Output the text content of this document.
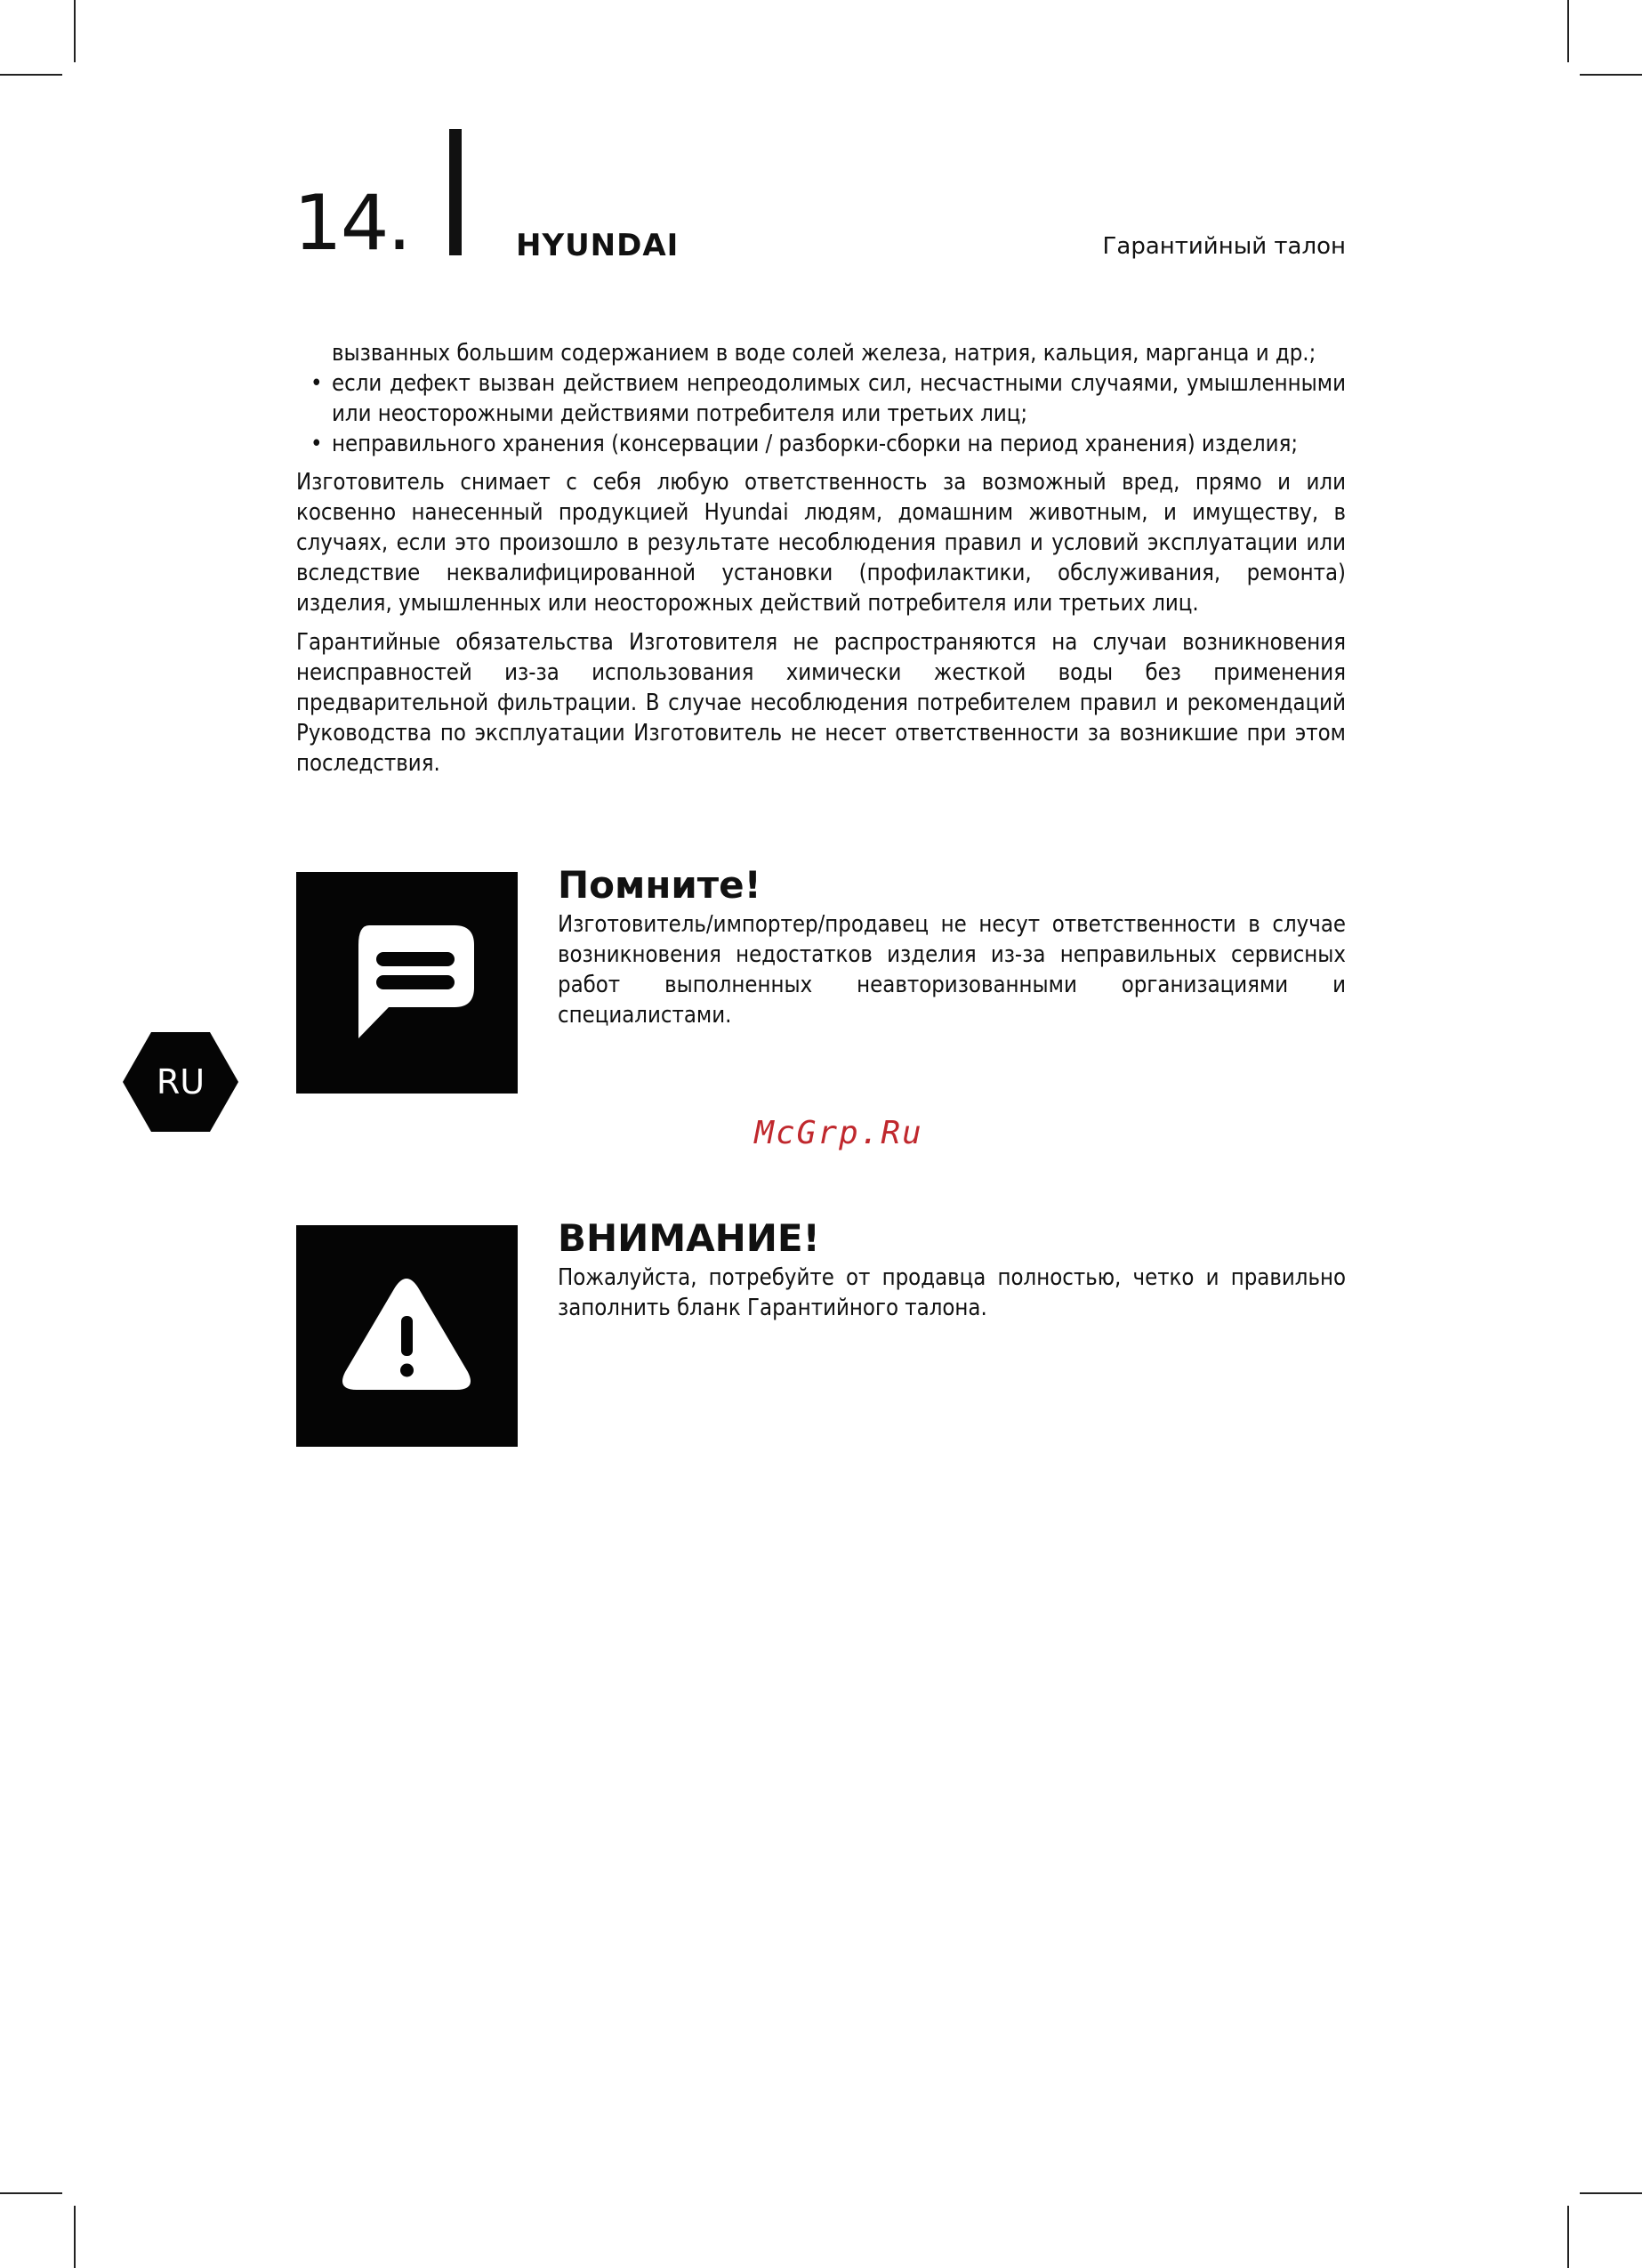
14.	HYUNDAI	Гарантийный талон
вызванных большим содержанием в воде солей железа, натрия, кальция, марганца и др.;
• если дефект вызван действием непреодолимых сил, несчастными случаями, умышленными или неосторожными действиями потребителя или третьих лиц;
• неправильного хранения (консервации / разборки-сборки на период хранения) изделия;
Изготовитель снимает с себя любую ответственность за возможный вред, прямо и или косвенно нанесенный продукцией Hyundai людям, домашним животным, и имуществу, в случаях, если это произошло в результате несоблюдения правил и условий эксплуатации или вследствие неквалифицированной установки (профилактики, обслуживания, ремонта) изделия, умышленных или неосторожных действий потребителя или третьих лиц.
Гарантийные обязательства Изготовителя не распространяются на случаи возникновения неисправностей из-за использования химически жесткой воды без применения предварительной фильтрации. В случае несоблюдения потребителем правил и рекомендаций Руководства по эксплуатации Изготовитель не несет ответственности за возникшие при этом последствия.
Помните!
Изготовитель/импортер/продавец не несут ответственности в случае возникновения недостатков изделия из-за неправильных сервисных работ выполненных неавторизованными организациями и специалистами.
RU
McGrp.Ru
ВНИМАНИЕ!
Пожалуйста, потребуйте от продавца полностью, четко и правильно заполнить бланк Гарантийного талона.
